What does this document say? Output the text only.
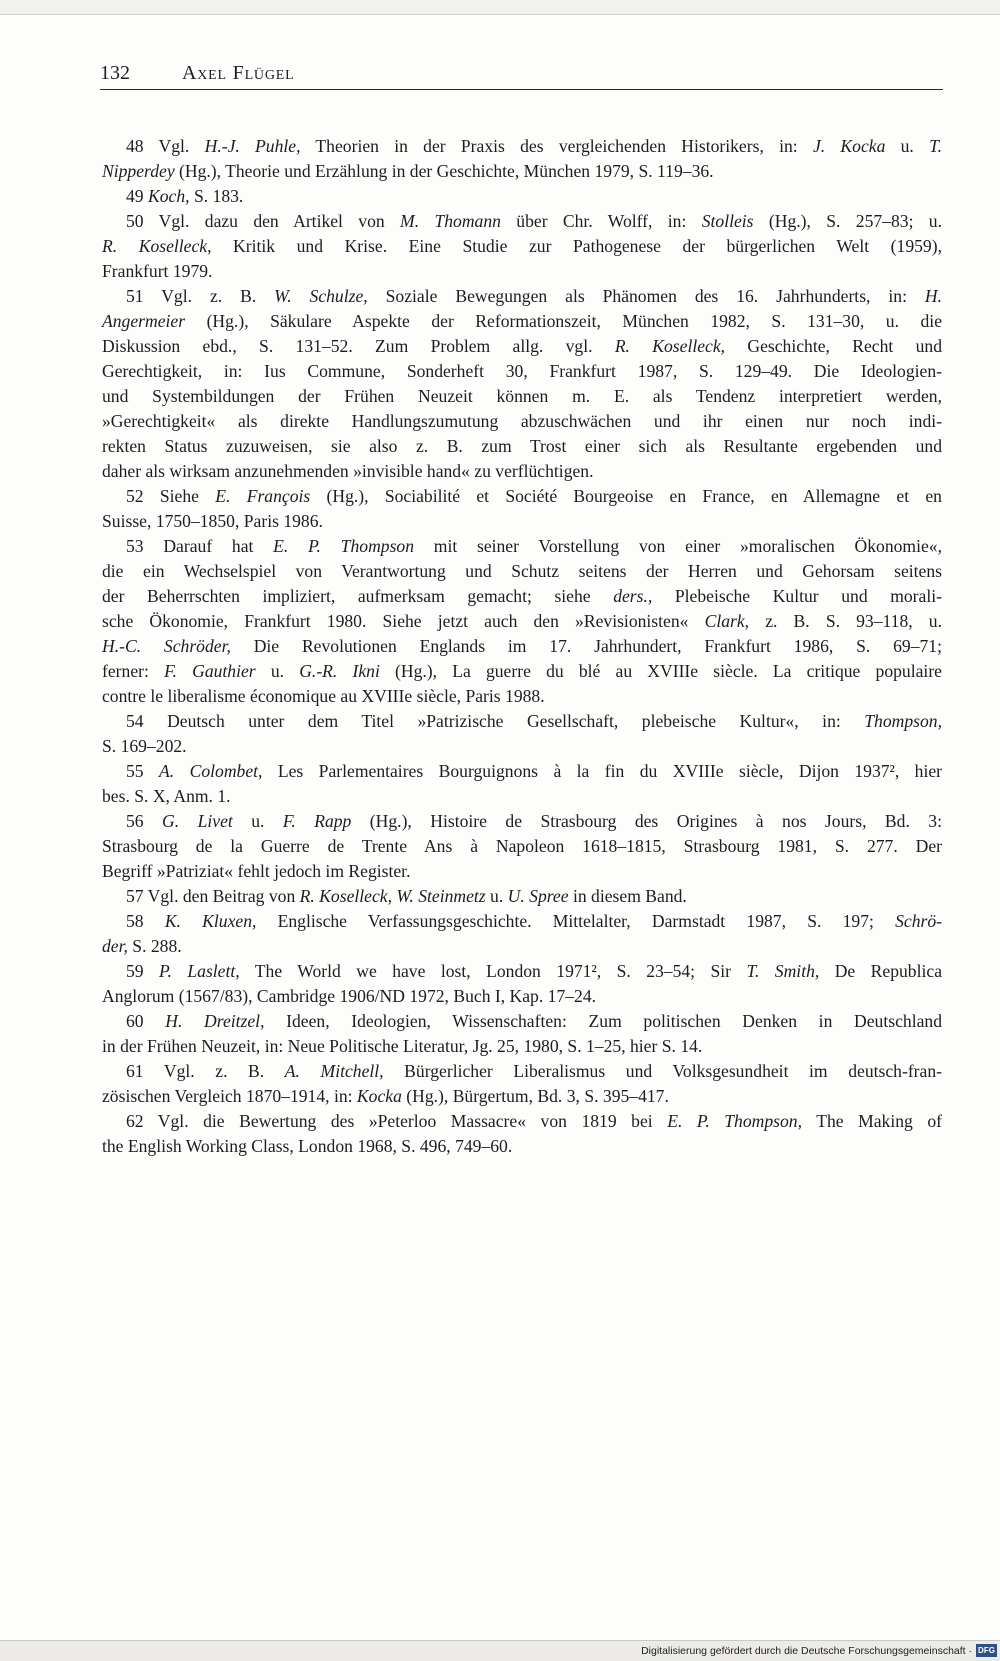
132	Axel Flügel
48 Vgl. H.-J. Puhle, Theorien in der Praxis des vergleichenden Historikers, in: J. Kocka u. T.
Nipperdey (Hg.), Theorie und Erzählung in der Geschichte, München 1979, S. 119–36.
49 Koch, S. 183.
50 Vgl. dazu den Artikel von M. Thomann über Chr. Wolff, in: Stolleis (Hg.), S. 257–83; u.
R. Koselleck, Kritik und Krise. Eine Studie zur Pathogenese der bürgerlichen Welt (1959),
Frankfurt 1979.
51 Vgl. z. B. W. Schulze, Soziale Bewegungen als Phänomen des 16. Jahrhunderts, in: H.
Angermeier (Hg.), Säkulare Aspekte der Reformationszeit, München 1982, S. 131–30, u. die
Diskussion ebd., S. 131–52. Zum Problem allg. vgl. R. Koselleck, Geschichte, Recht und
Gerechtigkeit, in: Ius Commune, Sonderheft 30, Frankfurt 1987, S. 129–49. Die Ideologien-
und Systembildungen der Frühen Neuzeit können m. E. als Tendenz interpretiert werden,
»Gerechtigkeit« als direkte Handlungszumutung abzuschwächen und ihr einen nur noch indi-
rekten Status zuzuweisen, sie also z. B. zum Trost einer sich als Resultante ergebenden und
daher als wirksam anzunehmenden »invisible hand« zu verflüchtigen.
52 Siehe E. François (Hg.), Sociabilité et Société Bourgeoise en France, en Allemagne et en
Suisse, 1750–1850, Paris 1986.
53 Darauf hat E. P. Thompson mit seiner Vorstellung von einer »moralischen Ökonomie«,
die ein Wechselspiel von Verantwortung und Schutz seitens der Herren und Gehorsam seitens
der Beherrschten impliziert, aufmerksam gemacht; siehe ders., Plebeische Kultur und morali-
sche Ökonomie, Frankfurt 1980. Siehe jetzt auch den »Revisionisten« Clark, z. B. S. 93–118, u.
H.-C. Schröder, Die Revolutionen Englands im 17. Jahrhundert, Frankfurt 1986, S. 69–71;
ferner: F. Gauthier u. G.-R. Ikni (Hg.), La guerre du blé au XVIIIe siècle. La critique populaire
contre le liberalisme économique au XVIIIe siècle, Paris 1988.
54 Deutsch unter dem Titel »Patrizische Gesellschaft, plebeische Kultur«, in: Thompson,
S. 169–202.
55 A. Colombet, Les Parlementaires Bourguignons à la fin du XVIIIe siècle, Dijon 1937², hier
bes. S. X, Anm. 1.
56 G. Livet u. F. Rapp (Hg.), Histoire de Strasbourg des Origines à nos Jours, Bd. 3:
Strasbourg de la Guerre de Trente Ans à Napoleon 1618–1815, Strasbourg 1981, S. 277. Der
Begriff »Patriziat« fehlt jedoch im Register.
57 Vgl. den Beitrag von R. Koselleck, W. Steinmetz u. U. Spree in diesem Band.
58 K. Kluxen, Englische Verfassungsgeschichte. Mittelalter, Darmstadt 1987, S. 197; Schrö-
der, S. 288.
59 P. Laslett, The World we have lost, London 1971², S. 23–54; Sir T. Smith, De Republica
Anglorum (1567/83), Cambridge 1906/ND 1972, Buch I, Kap. 17–24.
60 H. Dreitzel, Ideen, Ideologien, Wissenschaften: Zum politischen Denken in Deutschland
in der Frühen Neuzeit, in: Neue Politische Literatur, Jg. 25, 1980, S. 1–25, hier S. 14.
61 Vgl. z. B. A. Mitchell, Bürgerlicher Liberalismus und Volksgesundheit im deutsch-fran-
zösischen Vergleich 1870–1914, in: Kocka (Hg.), Bürgertum, Bd. 3, S. 395–417.
62 Vgl. die Bewertung des »Peterloo Massacre« von 1819 bei E. P. Thompson, The Making of
the English Working Class, London 1968, S. 496, 749–60.
Digitalisierung gefördert durch die Deutsche Forschungsgemeinschaft · DFG
